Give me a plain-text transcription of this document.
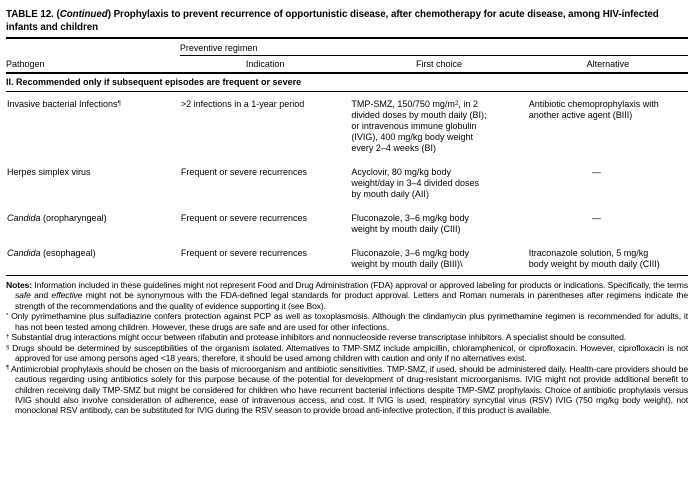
TABLE 12. (Continued) Prophylaxis to prevent recurrence of opportunistic disease, after chemotherapy for acute disease, among HIV-infected infants and children
	Preventive regimen		
Pathogen	Indication	First choice	Alternative
II. Recommended only if subsequent episodes are frequent or severe			
Invasive bacterial Infections¶	>2 infections in a 1-year period	TMP-SMZ, 150/750 $mg/m^2$, in 2 divided doses by mouth daily (BI); or intravenous immune globulin (IVIG), 400 mg/kg body weight every 2–4 weeks (BI)	Antibiotic chemoprophylaxis with another active agent (BIII)
Herpes simplex virus	Frequent or severe recurrences	Acyclovir, 80 mg/kg body weight/day in 3–4 divided doses by mouth daily (AII)	—
Candida (oropharyngeal)	Frequent or severe recurrences	Fluconazole, 3–6 mg/kg body weight by mouth daily (CIII)	—
Candida (esophageal)	Frequent or severe recurrences	Fluconazole, 3–6 mg/kg body weight by mouth daily (BIII)\	Itraconazole solution, 5 mg/kg body weight by mouth daily (CIII)

Notes: Information included in these guidelines might not represent Food and Drug Administration (FDA) approval or approved labeling for products or indications. Specifically, the terms safe and effective might not be synonymous with the FDA-defined legal standards for product approval. Letters and Roman numerals in parentheses after regimens indicate the strength of the recommendations and the quality of evidence supporting it (see Box).

* Only pyrimethamine plus sulfadiazine confers protection against PCP as well as toxoplasmosis. Although the clindamycin plus pyrimethamine regimen is recommended for adults, it has not been tested among children. However, these drugs are safe and are used for other infections.

† Substantial drug interactions might occur between rifabutin and protease inhibitors and nonnucleoside reverse transcriptase inhibitors. A specialist should be consulted.

§ Drugs should be determined by susceptibilities of the organism isolated. Alternatives to TMP-SMZ include ampicillin, chloramphenicol, or ciprofloxacin. However, ciprofloxacin is not approved for use among persons aged <18 years; therefore, it should be used among children with caution and only if no alternatives exist.

¶ Antimicrobial prophylaxis should be chosen on the basis of microorganism and antibiotic sensitivities. TMP-SMZ, if used, should be administered daily. Health-care providers should be cautious regarding using antibiotics solely for this purpose because of the potential for development of drug-resistant microorganisms. IVIG might not provide additional benefit to children receiving daily TMP-SMZ but might be considered for children who have recurrent bacterial infections despite TMP-SMZ prophylaxis. Choice of antibiotic prophylaxis versus IVIG should also involve consideration of adherence, ease of intravenous access, and cost. If IVIG is used, respiratory syncytial virus (RSV) IVIG (750 mg/kg body weight), not monoclonal RSV antibody, can be substituted for IVIG during the RSV season to provide broad anti-infective protection, if this product is available.
